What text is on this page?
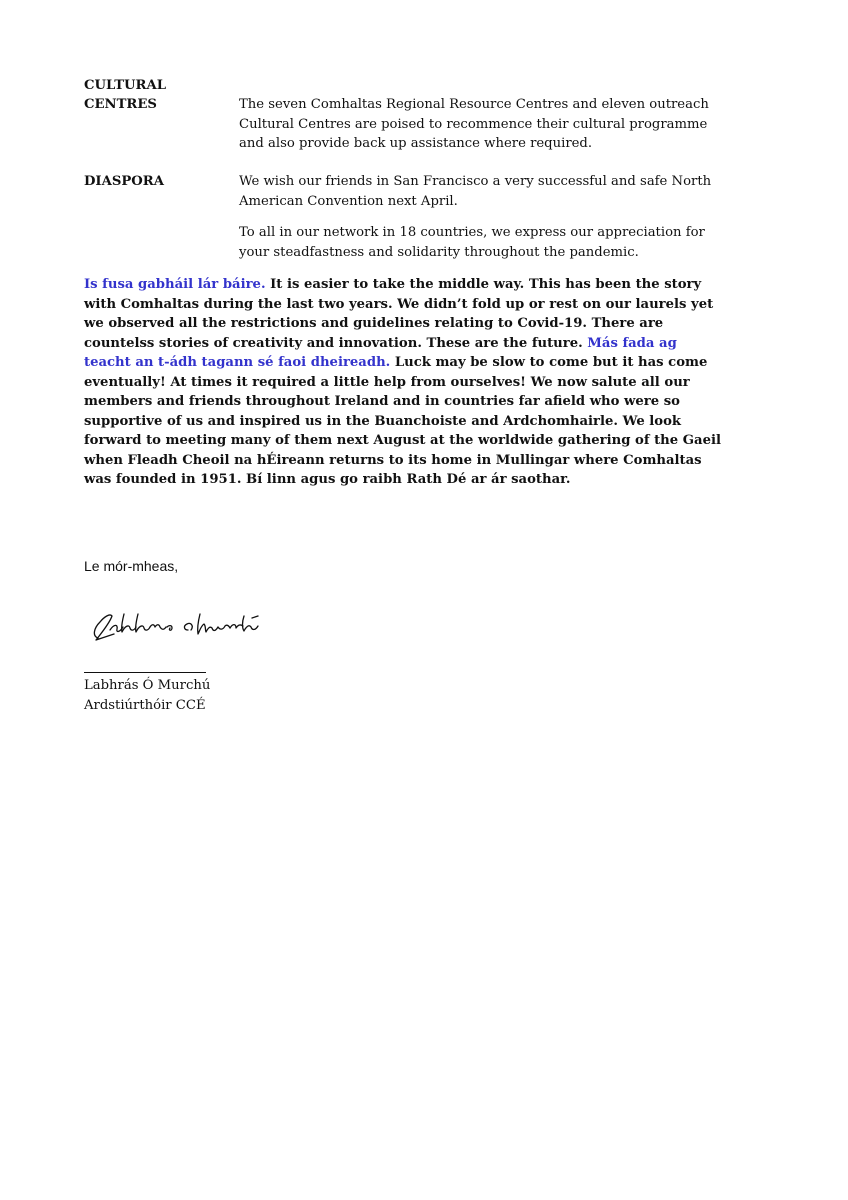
CULTURAL
CENTRES	The seven Comhaltas Regional Resource Centres and eleven outreach Cultural Centres are poised to recommence their cultural programme and also provide back up assistance where required.

DIASPORA	We wish our friends in San Francisco a very successful and safe North American Convention next April.

To all in our network in 18 countries, we express our appreciation for your steadfastness and solidarity throughout the pandemic.

Is fusa gabháil lár báire. It is easier to take the middle way. This has been the story with Comhaltas during the last two years. We didn’t fold up or rest on our laurels yet we observed all the restrictions and guidelines relating to Covid-19. There are countelss stories of creativity and innovation. These are the future. Más fada ag teacht an t-ádh tagann sé faoi dheireadh. Luck may be slow to come but it has come eventually! At times it required a little help from ourselves! We now salute all our members and friends throughout Ireland and in countries far afield who were so supportive of us and inspired us in the Buanchoiste and Ardchomhairle. We look forward to meeting many of them next August at the worldwide gathering of the Gaeil when Fleadh Cheoil na hÉireann returns to its home in Mullingar where Comhaltas was founded in 1951. Bí linn agus go raibh Rath Dé ar ár saothar.

Le mór-mheas,
Labhrás Ó Murchú
Ardstiúrthóir CCÉ
